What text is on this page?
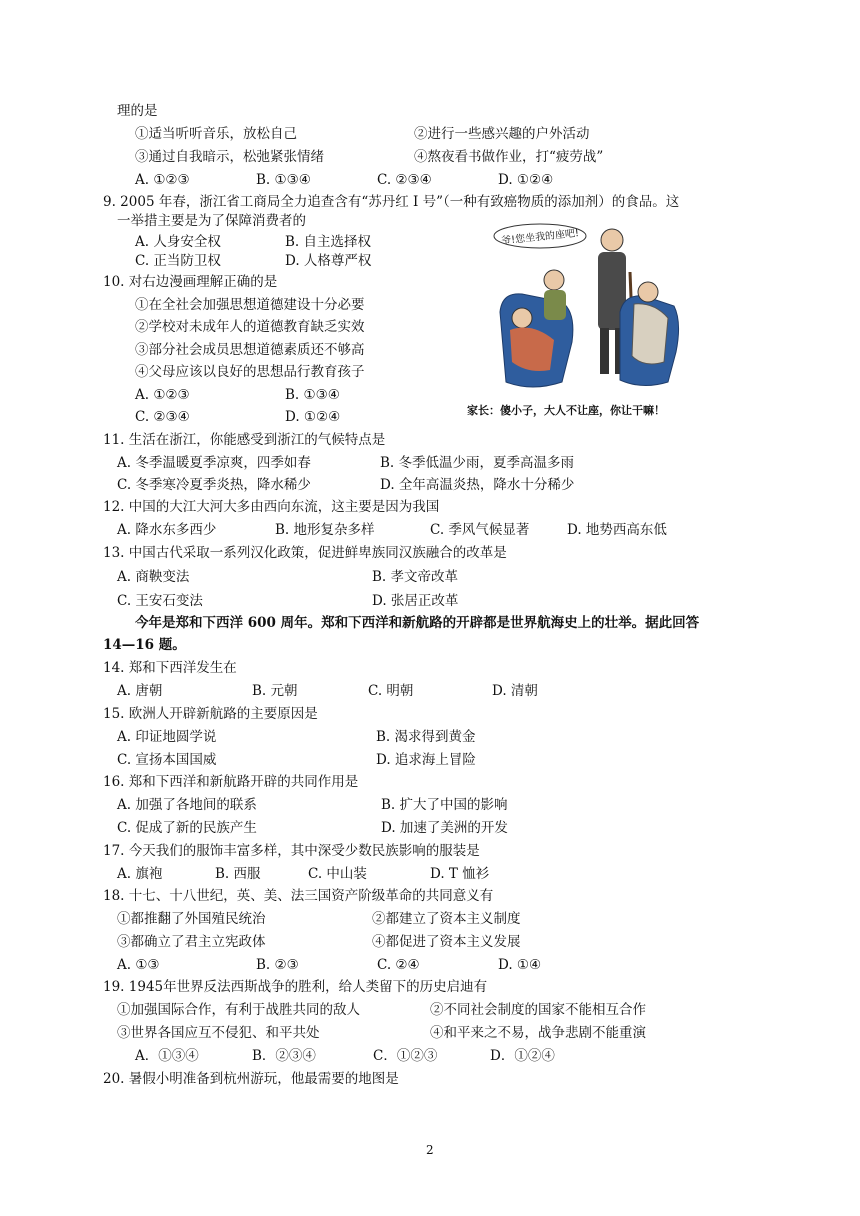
理的是
①适当听听音乐，放松自己	②进行一些感兴趣的户外活动
③通过自我暗示，松弛紧张情绪	④熬夜看书做作业，打“疲劳战”
A. ①②③	B. ①③④	C. ②③④	D. ①②④
9. 2005 年春，浙江省工商局全力追查含有“苏丹红 I 号”（一种有致癌物质的添加剂）的食品。这
一举措主要是为了保障消费者的
A. 人身安全权	B. 自主选择权
C. 正当防卫权	D. 人格尊严权
10. 对右边漫画理解正确的是
①在全社会加强思想道德建设十分必要
②学校对未成年人的道德教育缺乏实效
③部分社会成员思想道德素质还不够高
④父母应该以良好的思想品行教育孩子
A. ①②③	B. ①③④
C. ②③④	D. ①②④
11. 生活在浙江，你能感受到浙江的气候特点是
A. 冬季温暖夏季凉爽，四季如春	B. 冬季低温少雨，夏季高温多雨
C. 冬季寒冷夏季炎热，降水稀少	D. 全年高温炎热，降水十分稀少
12. 中国的大江大河大多由西向东流，这主要是因为我国
A. 降水东多西少	B. 地形复杂多样	C. 季风气候显著	D. 地势西高东低
13. 中国古代采取一系列汉化政策，促进鲜卑族同汉族融合的改革是
A. 商鞅变法	B. 孝文帝改革
C. 王安石变法	D. 张居正改革
今年是郑和下西洋 600 周年。郑和下西洋和新航路的开辟都是世界航海史上的壮举。据此回答
14—16 题。
14. 郑和下西洋发生在
A. 唐朝	B. 元朝	C. 明朝	D. 清朝
15. 欧洲人开辟新航路的主要原因是
A. 印证地圆学说	B. 渴求得到黄金
C. 宣扬本国国威	D. 追求海上冒险
16. 郑和下西洋和新航路开辟的共同作用是
A. 加强了各地间的联系	B. 扩大了中国的影响
C. 促成了新的民族产生	D. 加速了美洲的开发
17. 今天我们的服饰丰富多样，其中深受少数民族影响的服装是
A. 旗袍	B. 西服	C. 中山装	D. T 恤衫
18. 十七、十八世纪，英、美、法三国资产阶级革命的共同意义有
①都推翻了外国殖民统治	②都建立了资本主义制度
③都确立了君主立宪政体	④都促进了资本主义发展
A. ①③	B. ②③	C. ②④	D. ①④
19. 1945年世界反法西斯战争的胜利，给人类留下的历史启迪有
①加强国际合作，有利于战胜共同的敌人	②不同社会制度的国家不能相互合作
③世界各国应互不侵犯、和平共处	④和平来之不易，战争悲剧不能重演
A．①③④	B．②③④	C．①②③	D．①②④
20. 暑假小明准备到杭州游玩，他最需要的地图是
爷!您坐我的座吧!
家长：傻小子，大人不让座，你让干嘛！
2
